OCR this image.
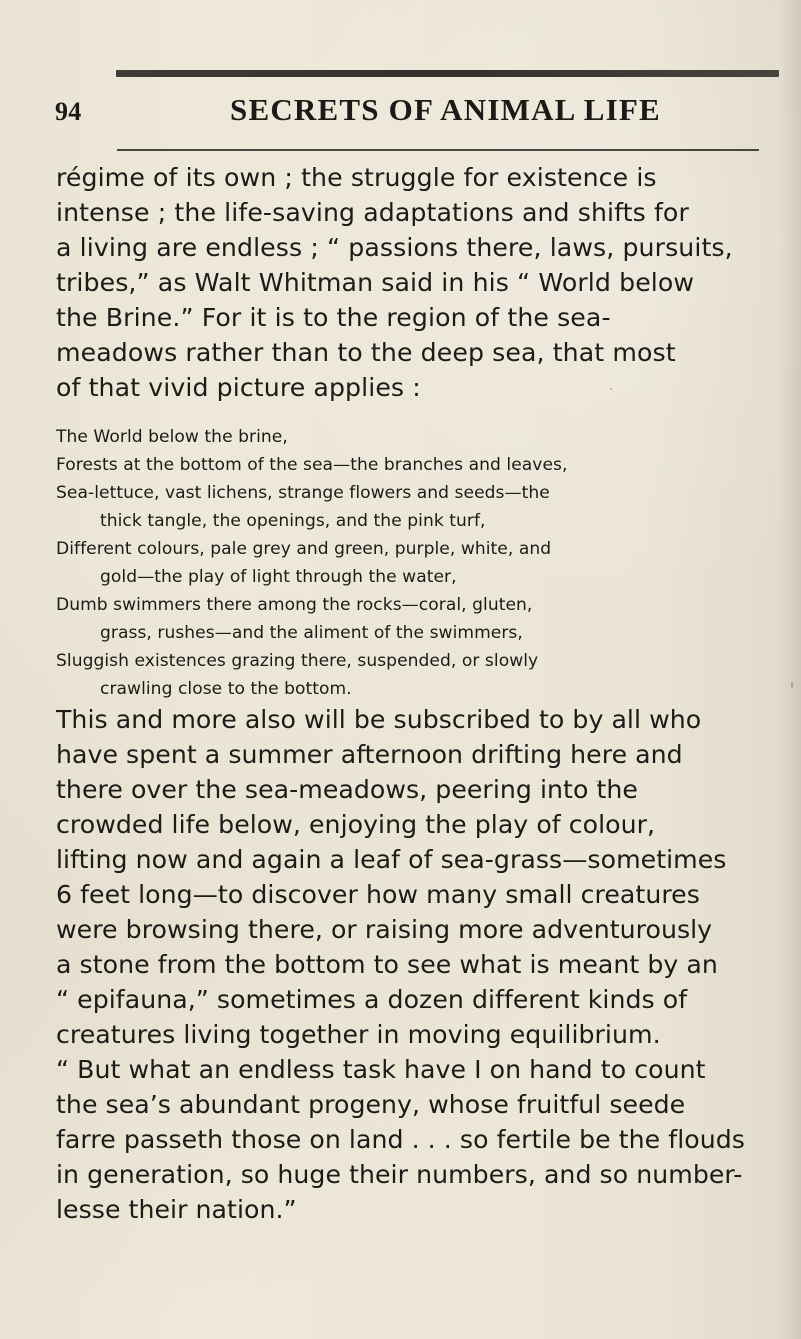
94	SECRETS OF ANIMAL LIFE
régime of its own ; the struggle for existence is
intense ; the life-saving adaptations and shifts for
a living are endless ; “ passions there, laws, pursuits,
tribes,” as Walt Whitman said in his “ World below
the Brine.” For it is to the region of the sea-
meadows rather than to the deep sea, that most
of that vivid picture applies :
The World below the brine,
Forests at the bottom of the sea—the branches and leaves,
Sea-lettuce, vast lichens, strange flowers and seeds—the
thick tangle, the openings, and the pink turf,
Different colours, pale grey and green, purple, white, and
gold—the play of light through the water,
Dumb swimmers there among the rocks—coral, gluten,
grass, rushes—and the aliment of the swimmers,
Sluggish existences grazing there, suspended, or slowly
crawling close to the bottom.
This and more also will be subscribed to by all who
have spent a summer afternoon drifting here and
there over the sea-meadows, peering into the
crowded life below, enjoying the play of colour,
lifting now and again a leaf of sea-grass—sometimes
6 feet long—to discover how many small creatures
were browsing there, or raising more adventurously
a stone from the bottom to see what is meant by an
“ epifauna,” sometimes a dozen different kinds of
creatures living together in moving equilibrium.
“ But what an endless task have I on hand to count
the sea’s abundant progeny, whose fruitful seede
farre passeth those on land . . . so fertile be the flouds
in generation, so huge their numbers, and so number-
lesse their nation.”
